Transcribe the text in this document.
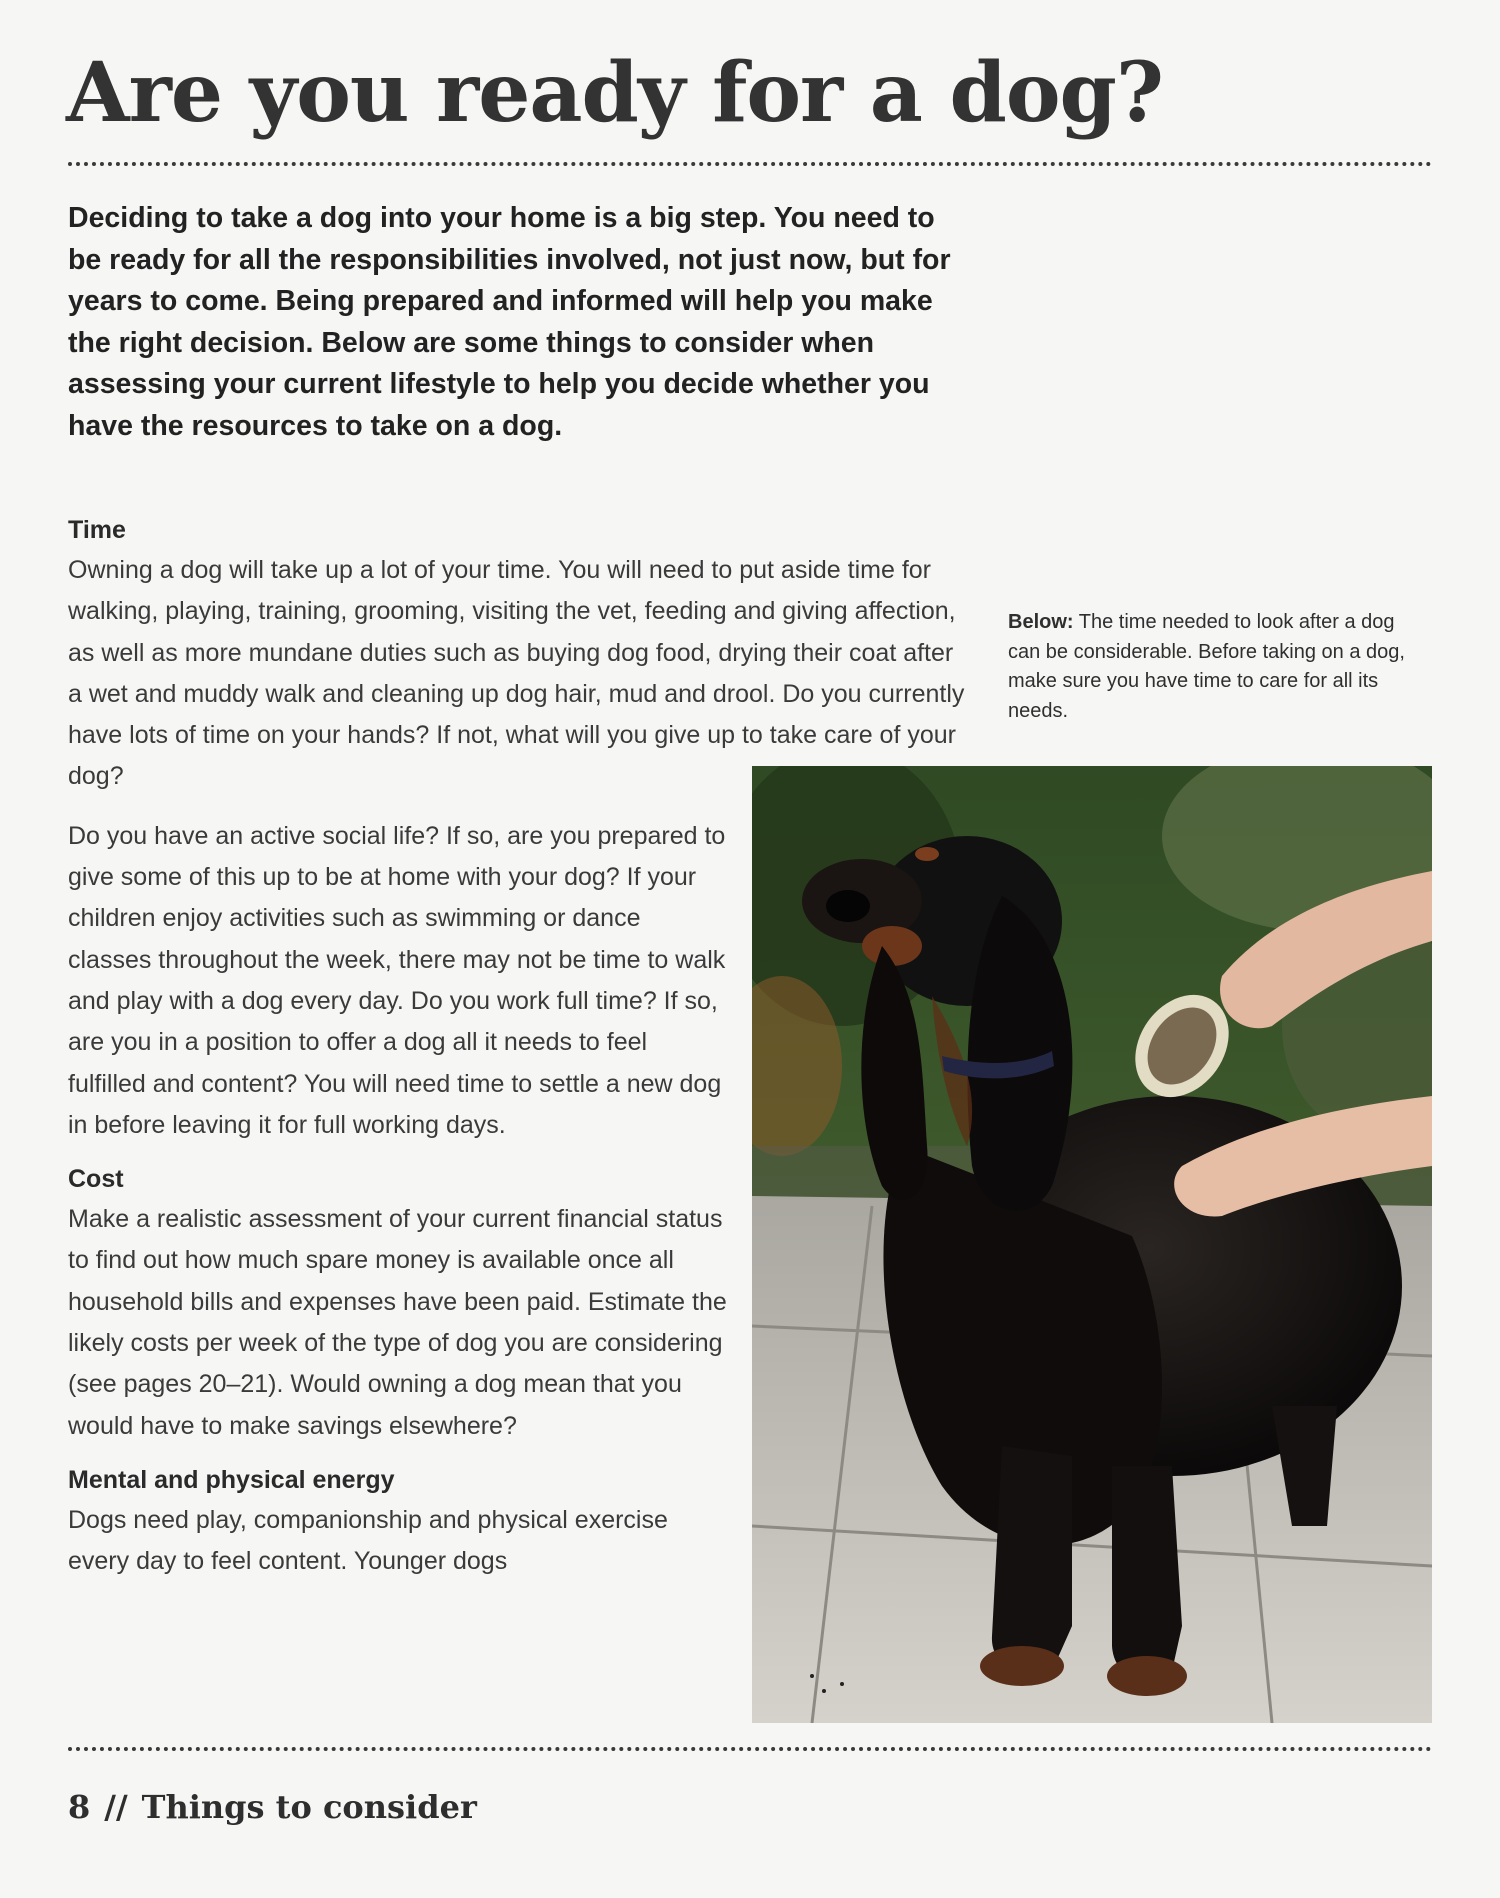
Are you ready for a dog?

Deciding to take a dog into your home is a big step. You need to be ready for all the responsibilities involved, not just now, but for years to come. Being prepared and informed will help you make the right decision. Below are some things to consider when assessing your current lifestyle to help you decide whether you have the resources to take on a dog.

Time

Owning a dog will take up a lot of your time. You will need to put aside time for walking, playing, training, grooming, visiting the vet, feeding and giving affection, as well as more mundane duties such as buying dog food, drying their coat after a wet and muddy walk and cleaning up dog hair, mud and drool. Do you currently have lots of time on your hands? If not, what will you give up to take care of your dog?

Do you have an active social life? If so, are you prepared to give some of this up to be at home with your dog? If your children enjoy activities such as swimming or dance classes throughout the week, there may not be time to walk and play with a dog every day. Do you work full time? If so, are you in a position to offer a dog all it needs to feel fulfilled and content? You will need time to settle a new dog in before leaving it for full working days.

Cost

Make a realistic assessment of your current financial status to find out how much spare money is available once all household bills and expenses have been paid. Estimate the likely costs per week of the type of dog you are considering (see pages 20–21). Would owning a dog mean that you would have to make savings elsewhere?

Mental and physical energy

Dogs need play, companionship and physical exercise every day to feel content. Younger dogs

Below: The time needed to look after a dog can be considerable. Before taking on a dog, make sure you have time to care for all its needs.

8 // Things to consider
